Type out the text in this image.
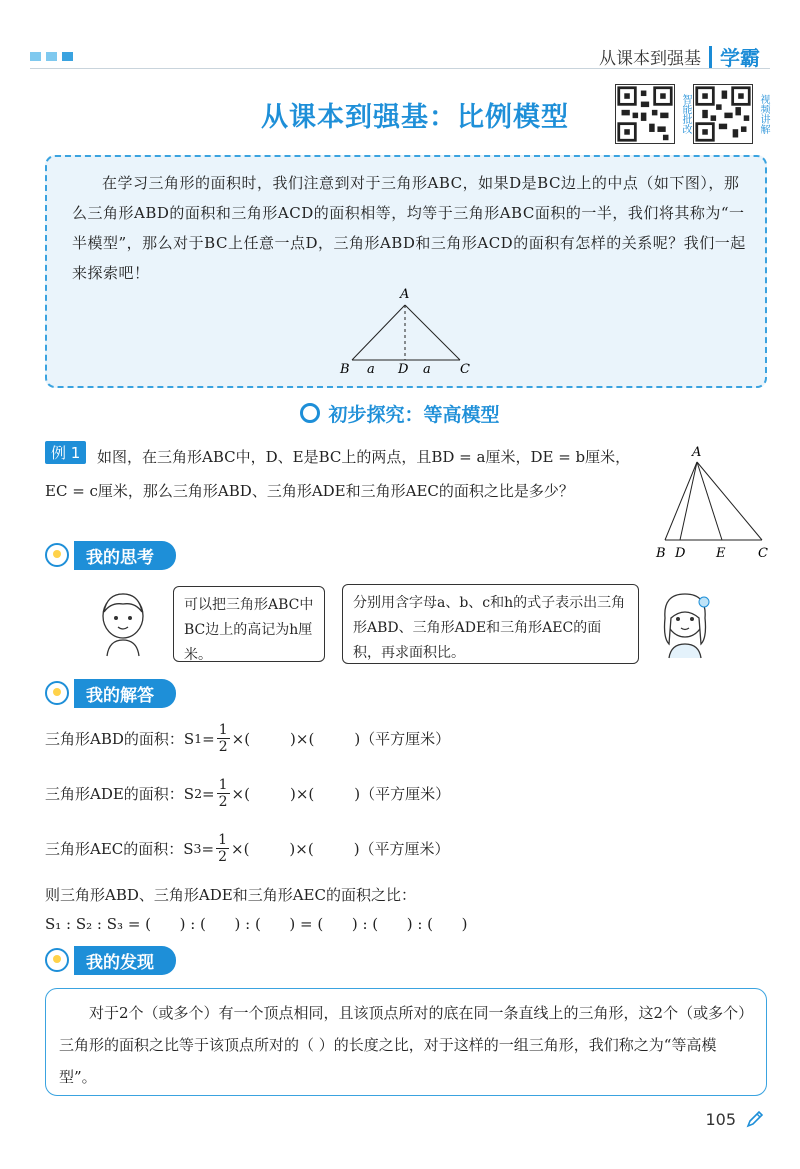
从课本到强基 学霸
从课本到强基：比例模型	智能批改	视频讲解
在学习三角形的面积时，我们注意到对于三角形ABC，如果D是BC边上的中点（如下图），那么三角形ABD的面积和三角形ACD的面积相等，均等于三角形ABC面积的一半，我们将其称为“一半模型”，那么对于BC上任意一点D，三角形ABD和三角形ACD的面积有怎样的关系呢？我们一起来探索吧！
A
B a D a C
初步探究：等高模型
如图，在三角形ABC中，D、E是BC上的两点，且BD = a厘米，DE = b厘米，EC = c厘米，那么三角形ABD、三角形ADE和三角形AEC的面积之比是多少？
例 1	A
B D E	C
我的思考
可以把三角形ABC中BC边上的高记为h厘米。
分别用含字母a、b、c和h的式子表示出三角形ABD、三角形ADE和三角形AEC的面积，再求面积比。
我的解答
三角形ABD的面积：S $1 = \frac{1}{2}$ ×(	)×(	)（平方厘米）
三角形ADE的面积：S $2 = \frac{1}{2}$ ×(	)×(	)（平方厘米）
三角形AEC的面积：S $3 = \frac{1}{2}$ ×(	)×(	)（平方厘米）
则三角形ABD、三角形ADE和三角形AEC的面积之比：
S₁ : S₂ : S₃ = (      ) : (      ) : (      ) = (      ) : (      ) : (      )
我的发现
对于2个（或多个）有一个顶点相同，且该顶点所对的底在同一条直线上的三角形，这2个（或多个）三角形的面积之比等于该顶点所对的（ ）的长度之比，对于这样的一组三角形，我们称之为“等高模型”。
105
